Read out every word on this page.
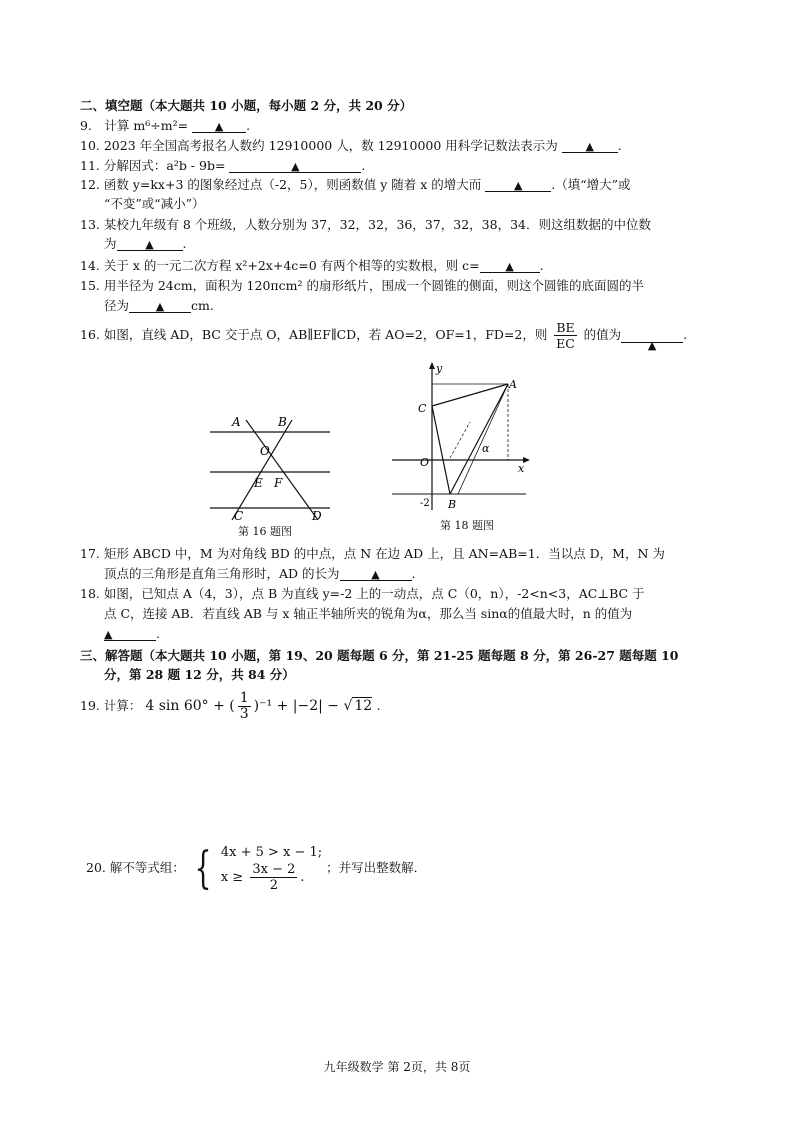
二、填空题（本大题共 10 小题，每小题 2 分，共 20 分）
9.　计算 m⁶÷m²= ▲ .
10. 2023 年全国高考报名人数约 12910000 人，数 12910000 用科学记数法表示为	▲ .
11. 分解因式：a²b - 9b=	▲	.
12. 函数 y=kx+3 的图象经过点（-2，5），则函数值 y 随着 x 的增大而	▲ .（填“增大”或
“不变”或“减小”）
13. 某校九年级有 8 个班级，人数分别为 37，32，32，36，37，32，38，34．则这组数据的中位数
为	▲ .
14. 关于 x 的一元二次方程 x²+2x+4c=0 有两个相等的实数根，则 c= ▲ .
15. 用半径为 24cm，面积为 120πcm² 的扇形纸片，围成一个圆锥的侧面，则这个圆锥的底面圆的半
径为 ▲ cm.
16. 如图，直线 AD，BC 交于点 O，AB∥EF∥CD，若 AO=2，OF=1，FD=2，则 $\frac{BE}{EC}$ 的值为▲.
A	B
O
E F
C	D
第 16 题图
y
x
A
C
O
B
α
-2
第 18 题图
17. 矩形 ABCD 中，M 为对角线 BD 的中点，点 N 在边 AD 上，且 AN=AB=1．当以点 D，M，N 为
顶点的三角形是直角三角形时，AD 的长为	▲	.
18. 如图，已知点 A（4，3），点 B 为直线 y=-2 上的一动点，点 C（0，n），-2<n<3，AC⊥BC 于
点 C，连接 AB．若直线 AB 与 x 轴正半轴所夹的锐角为α，那么当 sinα的值最大时，n 的值为
▲	.
三、解答题（本大题共 10 小题，第 19、20 题每题 6 分，第 21-25 题每题 8 分，第 26-27 题每题 10
分，第 28 题 12 分，共 84 分）
19. 计算： 4 sin 60° + ( $\frac{1}{3} )^{-1} + |-2|$ − √ 12 .
20. 解不等式组： { 4x + 5 > x − 1;
$x \ge \frac{3x - 2}{2}$ .
；并写出整数解．
九年级数学 第 2页，共 8页
